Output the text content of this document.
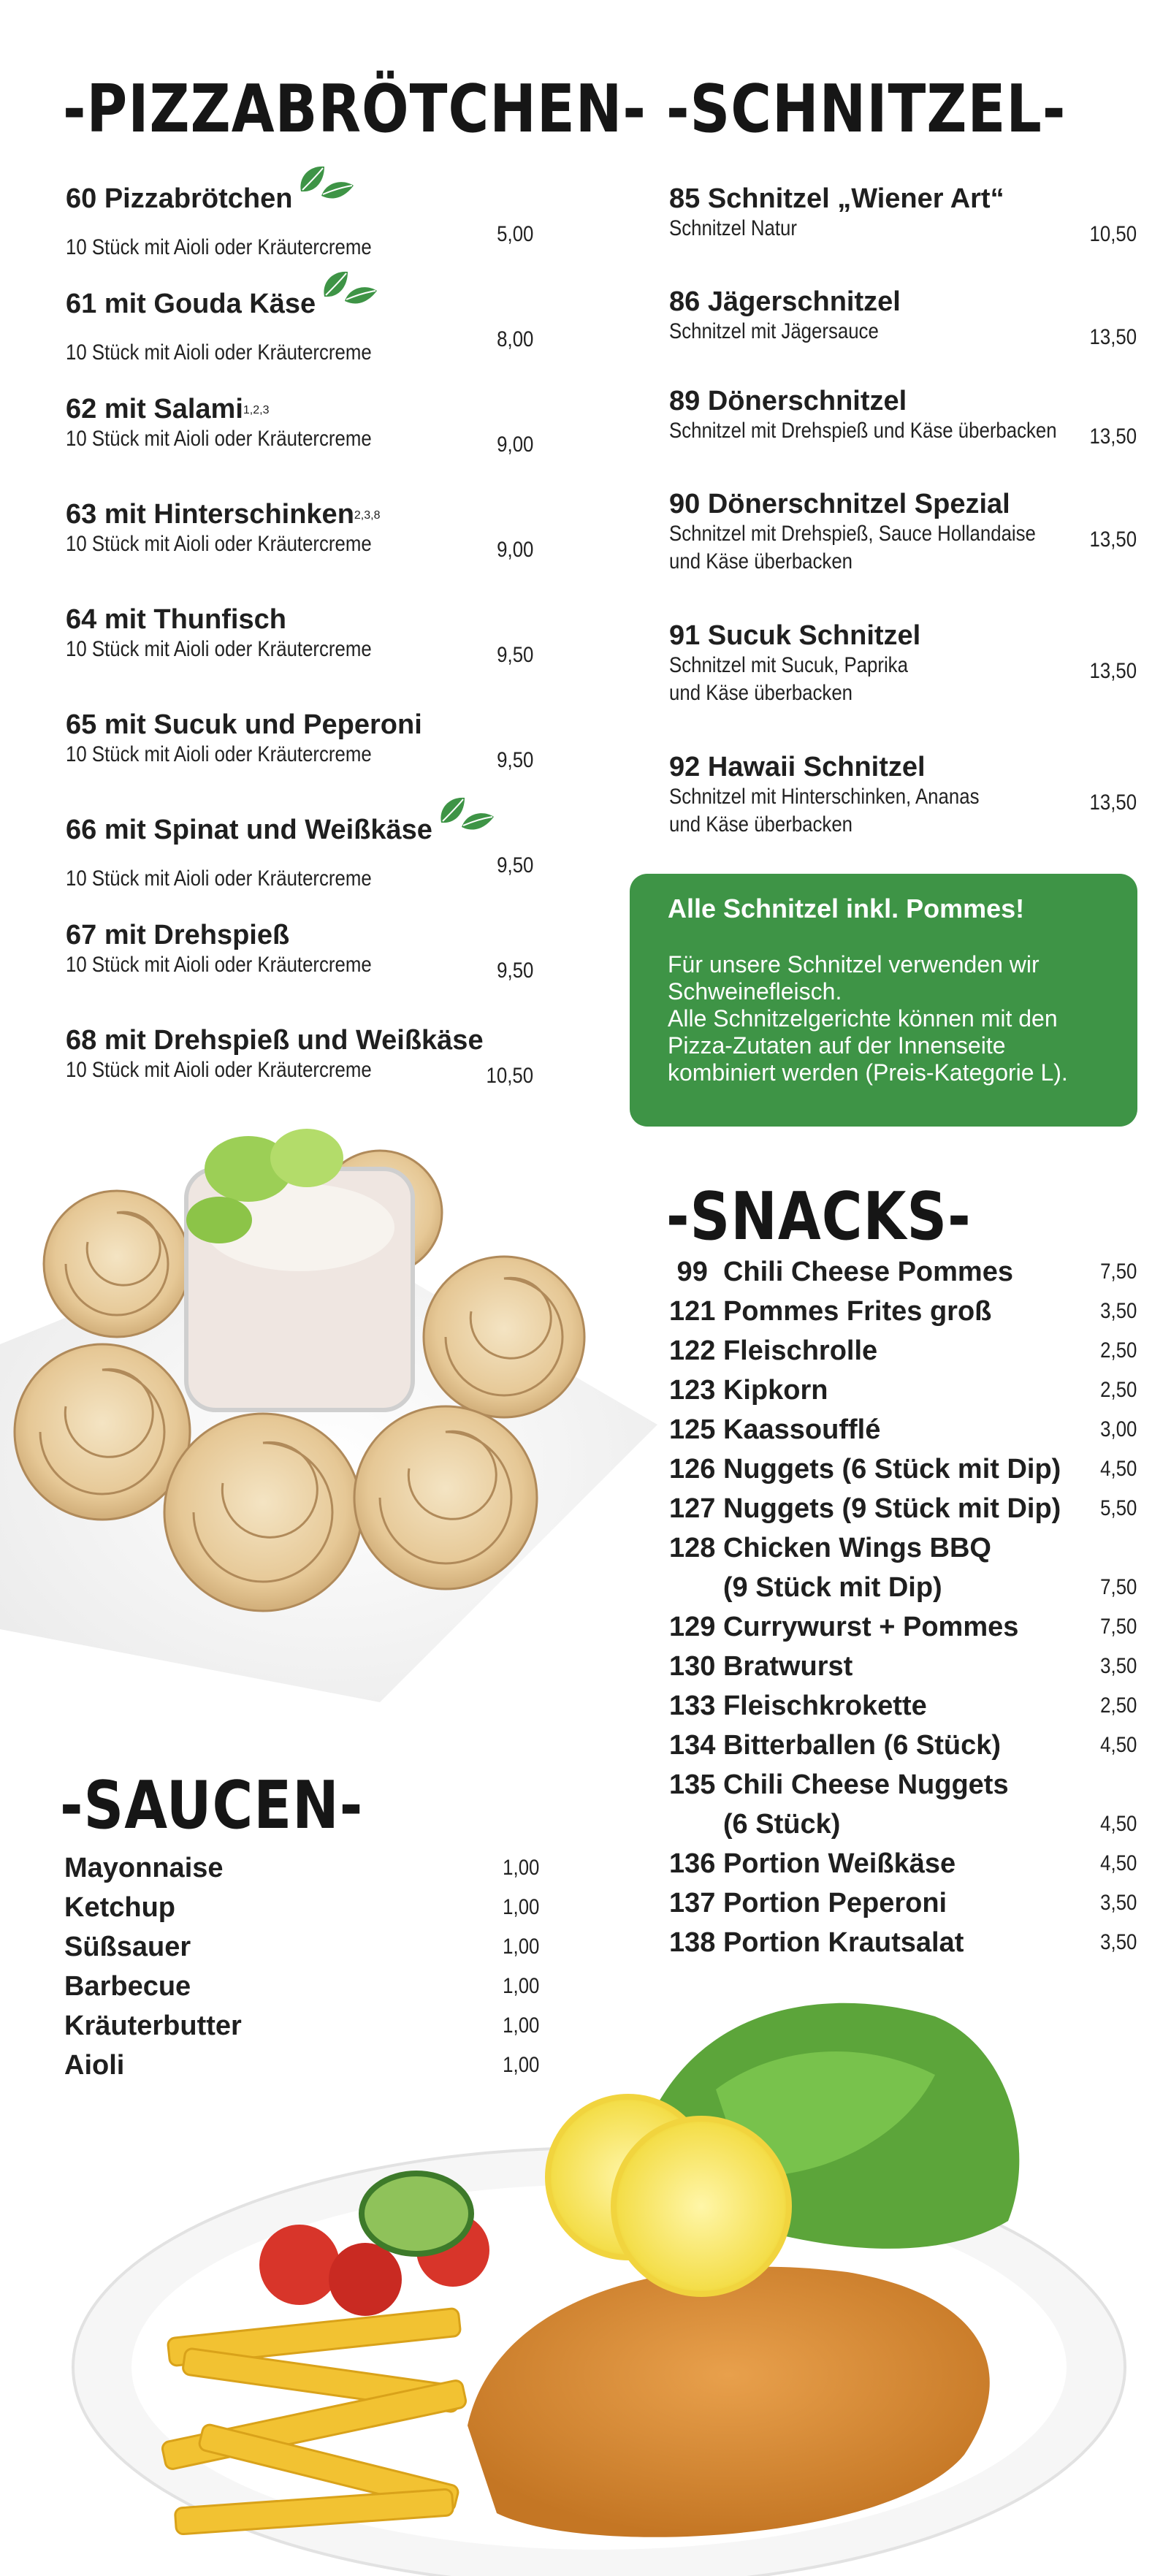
-PIZZABRÖTCHEN-
60 Pizzabrötchen
10 Stück mit Aioli oder Kräutercreme
5,00
61 mit Gouda Käse
10 Stück mit Aioli oder Kräutercreme
8,00
62 mit Salami$^{1,2,3}$
10 Stück mit Aioli oder Kräutercreme	9,00
63 mit Hinterschinken$^{2,3,8}$
10 Stück mit Aioli oder Kräutercreme	9,00
64 mit Thunfisch
10 Stück mit Aioli oder Kräutercreme	9,50
65 mit Sucuk und Peperoni
10 Stück mit Aioli oder Kräutercreme	9,50
66 mit Spinat und Weißkäse
10 Stück mit Aioli oder Kräutercreme
9,50
67 mit Drehspieß
10 Stück mit Aioli oder Kräutercreme	9,50
68 mit Drehspieß und Weißkäse
10 Stück mit Aioli oder Kräutercreme	10,50
-SAUCEN-
Mayonnaise	1,00
Ketchup	1,00
Süßsauer	1,00
Barbecue	1,00
Kräuterbutter	1,00
Aioli	1,00
-SCHNITZEL-
85 Schnitzel „Wiener Art“
Schnitzel Natur	10,50
86 Jägerschnitzel
Schnitzel mit Jägersauce	13,50
89 Dönerschnitzel
Schnitzel mit Drehspieß und Käse überbacken	13,50
90 Dönerschnitzel Spezial
Schnitzel mit Drehspieß, Sauce Hollandaise
und Käse überbacken
13,50
91 Sucuk Schnitzel
Schnitzel mit Sucuk, Paprika
und Käse überbacken
13,50
92 Hawaii Schnitzel
Schnitzel mit Hinterschinken, Ananas
und Käse überbacken
13,50
Alle Schnitzel inkl. Pommes!
Für unsere Schnitzel verwenden wir
Schweinefleisch.
Alle Schnitzelgerichte können mit den
Pizza-Zutaten auf der Innenseite
kombiniert werden (Preis-Kategorie L).
-SNACKS-
99  Chili Cheese Pommes	7,50
121 Pommes Frites groß	3,50
122 Fleischrolle	2,50
123 Kipkorn	2,50
125 Kaassoufflé	3,00
126 Nuggets (6 Stück mit Dip)	4,50
127 Nuggets (9 Stück mit Dip)	5,50
128 Chicken Wings BBQ
(9 Stück mit Dip)	7,50
129 Currywurst + Pommes	7,50
130 Bratwurst	3,50
133 Fleischkrokette	2,50
134 Bitterballen (6 Stück)	4,50
135 Chili Cheese Nuggets
(6 Stück)	4,50
136 Portion Weißkäse	4,50
137 Portion Peperoni	3,50
138 Portion Krautsalat	3,50
